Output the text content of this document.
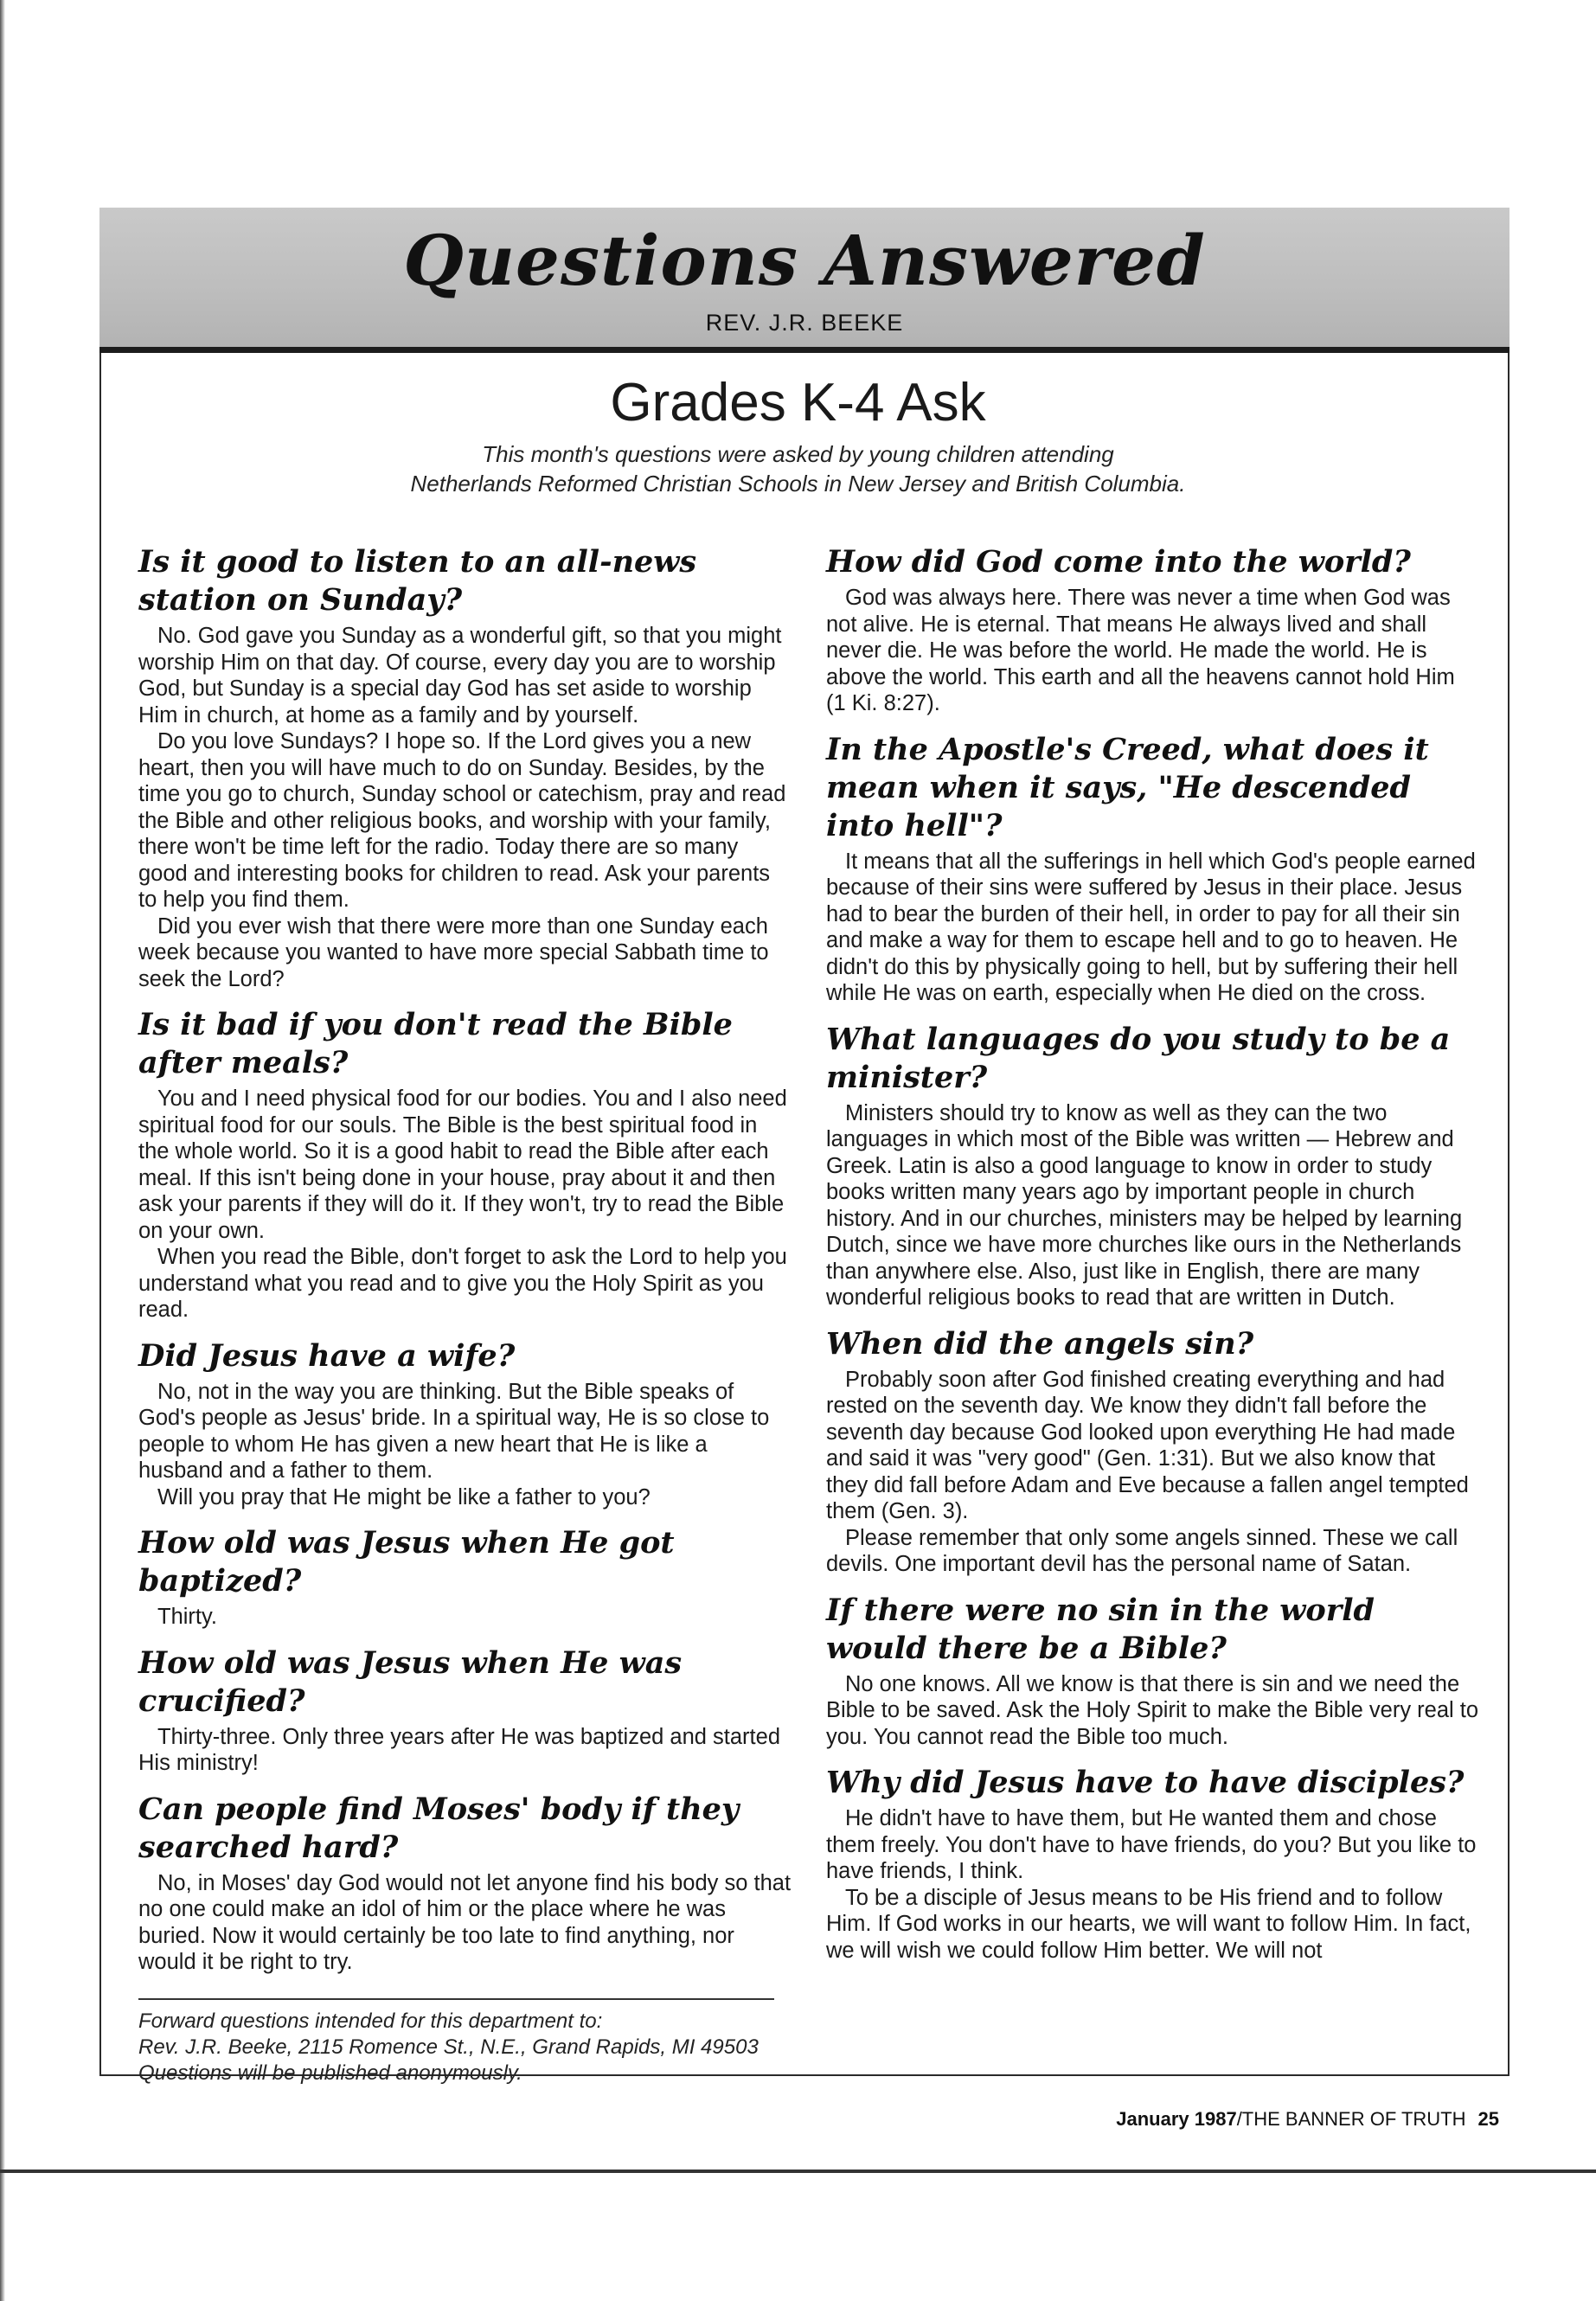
Questions Answered
REV. J.R. BEEKE
Grades K-4 Ask
This month's questions were asked by young children attending
Netherlands Reformed Christian Schools in New Jersey and British Columbia.
Is it good to listen to an all-news station on Sunday?
No. God gave you Sunday as a wonderful gift, so that you might worship Him on that day. Of course, every day you are to worship God, but Sunday is a special day God has set aside to worship Him in church, at home as a family and by yourself.
Do you love Sundays? I hope so. If the Lord gives you a new heart, then you will have much to do on Sunday. Besides, by the time you go to church, Sunday school or catechism, pray and read the Bible and other religious books, and worship with your family, there won't be time left for the radio. Today there are so many good and interesting books for children to read. Ask your parents to help you find them.
Did you ever wish that there were more than one Sunday each week because you wanted to have more special Sabbath time to seek the Lord?
Is it bad if you don't read the Bible after meals?
You and I need physical food for our bodies. You and I also need spiritual food for our souls. The Bible is the best spiritual food in the whole world. So it is a good habit to read the Bible after each meal. If this isn't being done in your house, pray about it and then ask your parents if they will do it. If they won't, try to read the Bible on your own.
When you read the Bible, don't forget to ask the Lord to help you understand what you read and to give you the Holy Spirit as you read.
Did Jesus have a wife?
No, not in the way you are thinking. But the Bible speaks of God's people as Jesus' bride. In a spiritual way, He is so close to people to whom He has given a new heart that He is like a husband and a father to them.
Will you pray that He might be like a father to you?
How old was Jesus when He got baptized?
Thirty.
How old was Jesus when He was crucified?
Thirty-three. Only three years after He was baptized and started His ministry!
Can people find Moses' body if they searched hard?
No, in Moses' day God would not let anyone find his body so that no one could make an idol of him or the place where he was buried. Now it would certainly be too late to find anything, nor would it be right to try.
Forward questions intended for this department to:
Rev. J.R. Beeke, 2115 Romence St., N.E., Grand Rapids, MI 49503
Questions will be published anonymously.
How did God come into the world?
God was always here. There was never a time when God was not alive. He is eternal. That means He always lived and shall never die. He was before the world. He made the world. He is above the world. This earth and all the heavens cannot hold Him (1 Ki. 8:27).
In the Apostle's Creed, what does it mean when it says, "He descended into hell"?
It means that all the sufferings in hell which God's people earned because of their sins were suffered by Jesus in their place. Jesus had to bear the burden of their hell, in order to pay for all their sin and make a way for them to escape hell and to go to heaven. He didn't do this by physically going to hell, but by suffering their hell while He was on earth, especially when He died on the cross.
What languages do you study to be a minister?
Ministers should try to know as well as they can the two languages in which most of the Bible was written — Hebrew and Greek. Latin is also a good language to know in order to study books written many years ago by important people in church history. And in our churches, ministers may be helped by learning Dutch, since we have more churches like ours in the Netherlands than anywhere else. Also, just like in English, there are many wonderful religious books to read that are written in Dutch.
When did the angels sin?
Probably soon after God finished creating everything and had rested on the seventh day. We know they didn't fall before the seventh day because God looked upon everything He had made and said it was "very good" (Gen. 1:31). But we also know that they did fall before Adam and Eve because a fallen angel tempted them (Gen. 3).
Please remember that only some angels sinned. These we call devils. One important devil has the personal name of Satan.
If there were no sin in the world would there be a Bible?
No one knows. All we know is that there is sin and we need the Bible to be saved. Ask the Holy Spirit to make the Bible very real to you. You cannot read the Bible too much.
Why did Jesus have to have disciples?
He didn't have to have them, but He wanted them and chose them freely. You don't have to have friends, do you? But you like to have friends, I think.
To be a disciple of Jesus means to be His friend and to follow Him. If God works in our hearts, we will want to follow Him. In fact, we will wish we could follow Him better. We will not
January 1987/THE BANNER OF TRUTH 25
